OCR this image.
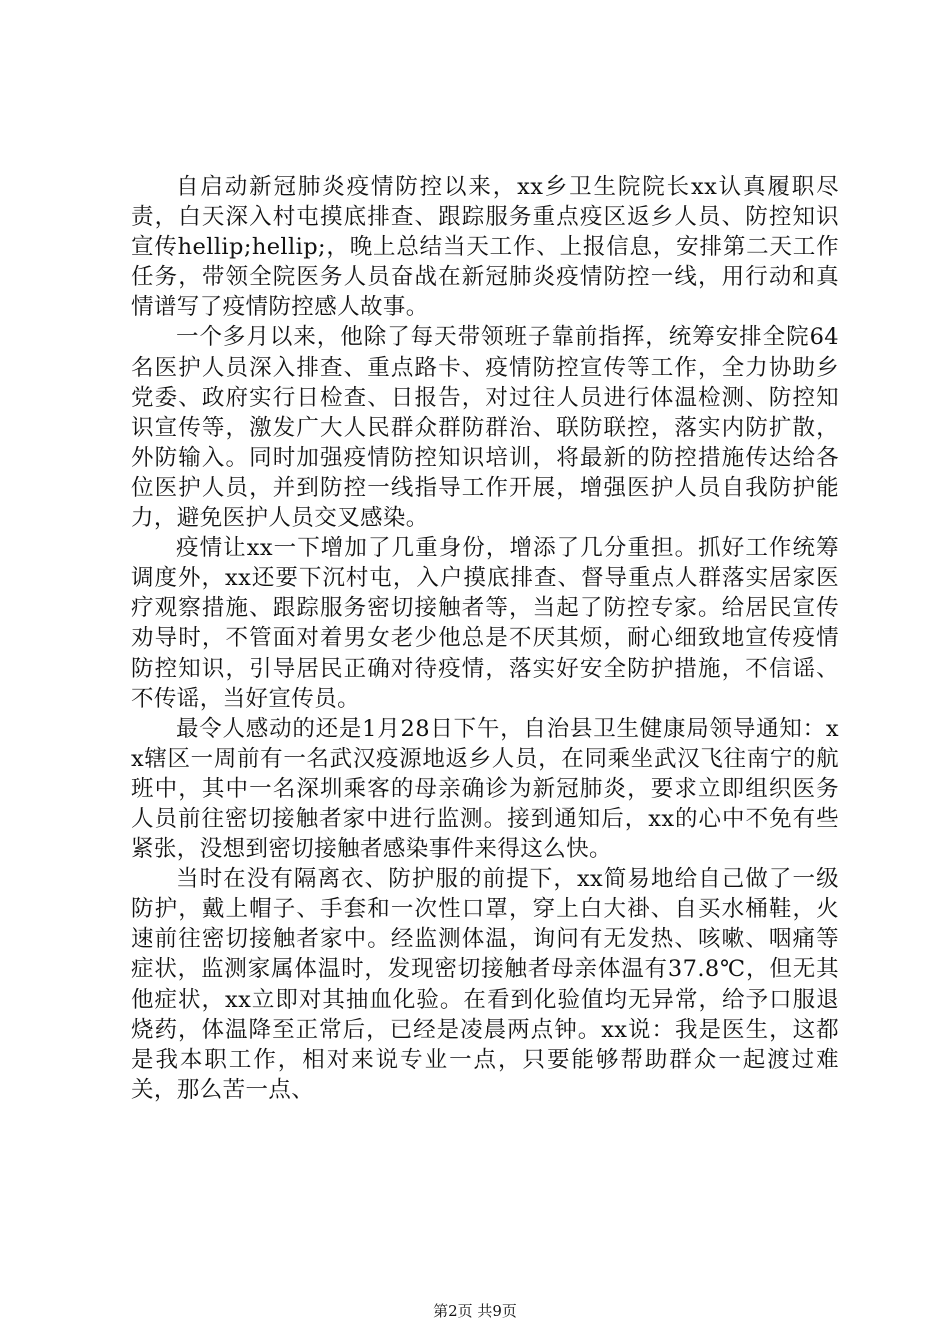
自启动新冠肺炎疫情防控以来，xx乡卫生院院长xx认真履职尽责，白天深入村屯摸底排查、跟踪服务重点疫区返乡人员、防控知识宣传hellip;hellip;，晚上总结当天工作、上报信息，安排第二天工作任务，带领全院医务人员奋战在新冠肺炎疫情防控一线，用行动和真情谱写了疫情防控感人故事。

一个多月以来，他除了每天带领班子靠前指挥，统筹安排全院64名医护人员深入排查、重点路卡、疫情防控宣传等工作，全力协助乡党委、政府实行日检查、日报告，对过往人员进行体温检测、防控知识宣传等，激发广大人民群众群防群治、联防联控，落实内防扩散，外防输入。同时加强疫情防控知识培训，将最新的防控措施传达给各位医护人员，并到防控一线指导工作开展，增强医护人员自我防护能力，避免医护人员交叉感染。

疫情让xx一下增加了几重身份，增添了几分重担。抓好工作统筹调度外，xx还要下沉村屯，入户摸底排查、督导重点人群落实居家医疗观察措施、跟踪服务密切接触者等，当起了防控专家。给居民宣传劝导时，不管面对着男女老少他总是不厌其烦，耐心细致地宣传疫情防控知识，引导居民正确对待疫情，落实好安全防护措施，不信谣、不传谣，当好宣传员。

最令人感动的还是1月28日下午，自治县卫生健康局领导通知：xx辖区一周前有一名武汉疫源地返乡人员，在同乘坐武汉飞往南宁的航班中，其中一名深圳乘客的母亲确诊为新冠肺炎，要求立即组织医务人员前往密切接触者家中进行监测。接到通知后，xx的心中不免有些紧张，没想到密切接触者感染事件来得这么快。

当时在没有隔离衣、防护服的前提下，xx简易地给自己做了一级防护，戴上帽子、手套和一次性口罩，穿上白大褂、自买水桶鞋，火速前往密切接触者家中。经监测体温，询问有无发热、咳嗽、咽痛等症状，监测家属体温时，发现密切接触者母亲体温有37.8℃，但无其他症状，xx立即对其抽血化验。在看到化验值均无异常，给予口服退烧药，体温降至正常后，已经是凌晨两点钟。xx说：我是医生，这都是我本职工作，相对来说专业一点，只要能够帮助群众一起渡过难关，那么苦一点、

第2页 共9页
